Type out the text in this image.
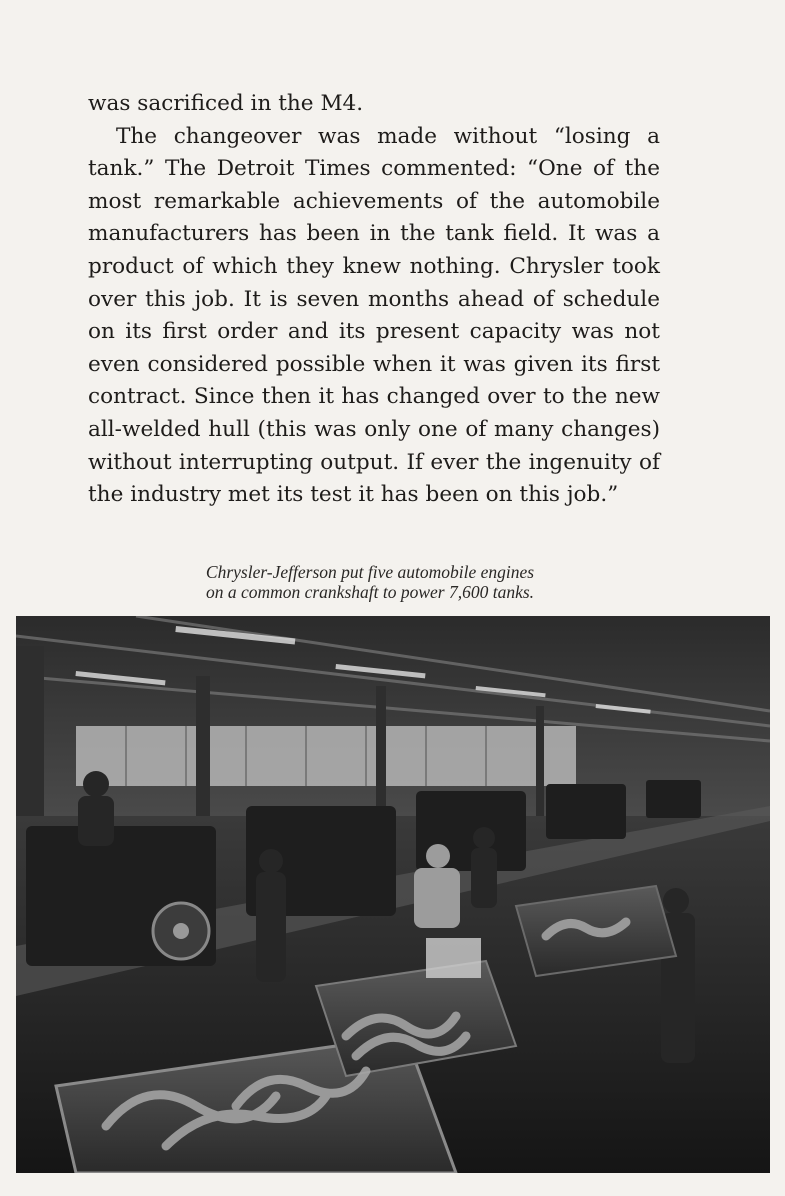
was sacrificed in the M4.

The changeover was made without “losing a tank.” The Detroit Times commented: “One of the most remarkable achievements of the automobile manufacturers has been in the tank field. It was a product of which they knew nothing. Chrysler took over this job. It is seven months ahead of schedule on its first order and its present capacity was not even considered possible when it was given its first contract. Since then it has changed over to the new all-welded hull (this was only one of many changes) without interrupting output. If ever the ingenuity of the industry met its test it has been on this job.”

Chrysler-Jefferson put five automobile engines
on a common crankshaft to power 7,600 tanks.
